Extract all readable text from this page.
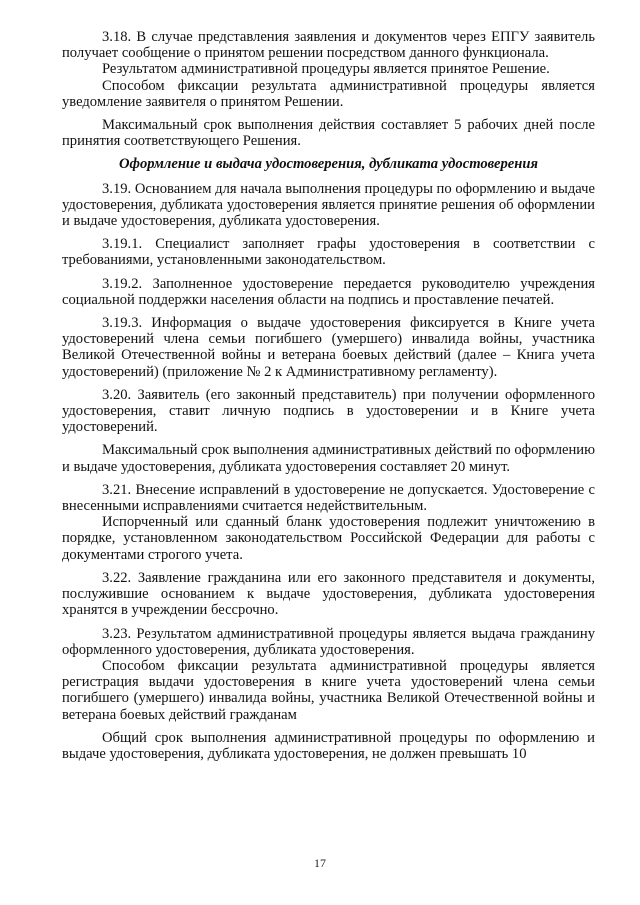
3.18. В случае представления заявления и документов через ЕПГУ заявитель получает сообщение о принятом решении посредством данного функционала.

Результатом административной процедуры является принятое Решение.

Способом фиксации результата административной процедуры является уведомление заявителя о принятом Решении.

Максимальный срок выполнения действия составляет 5 рабочих дней после принятия соответствующего Решения.

Оформление и выдача удостоверения, дубликата удостоверения

3.19. Основанием для начала выполнения процедуры по оформлению и выдаче удостоверения, дубликата удостоверения является принятие решения об оформлении и выдаче удостоверения, дубликата удостоверения.

3.19.1. Специалист заполняет графы удостоверения в соответствии с требованиями, установленными законодательством.

3.19.2. Заполненное удостоверение передается руководителю учреждения социальной поддержки населения области на подпись и проставление печатей.

3.19.3. Информация о выдаче удостоверения фиксируется в Книге учета удостоверений члена семьи погибшего (умершего) инвалида войны, участника Великой Отечественной войны и ветерана боевых действий (далее – Книга учета удостоверений) (приложение № 2 к Административному регламенту).

3.20. Заявитель (его законный представитель) при получении оформленного удостоверения, ставит личную подпись в удостоверении и в Книге учета удостоверений.

Максимальный срок выполнения административных действий по оформлению и выдаче удостоверения, дубликата удостоверения составляет 20 минут.

3.21. Внесение исправлений в удостоверение не допускается. Удостоверение с внесенными исправлениями считается недействительным.

Испорченный или сданный бланк удостоверения подлежит уничтожению в порядке, установленном законодательством Российской Федерации для работы с документами строгого учета.

3.22. Заявление гражданина или его законного представителя и документы, послужившие основанием к выдаче удостоверения, дубликата удостоверения хранятся в учреждении бессрочно.

3.23. Результатом административной процедуры является выдача гражданину оформленного удостоверения, дубликата удостоверения.

Способом фиксации результата административной процедуры является регистрация выдачи удостоверения в книге учета удостоверений члена семьи погибшего (умершего) инвалида войны, участника Великой Отечественной войны и ветерана боевых действий гражданам

Общий срок выполнения административной процедуры по оформлению и выдаче удостоверения, дубликата удостоверения, не должен превышать 10

17
